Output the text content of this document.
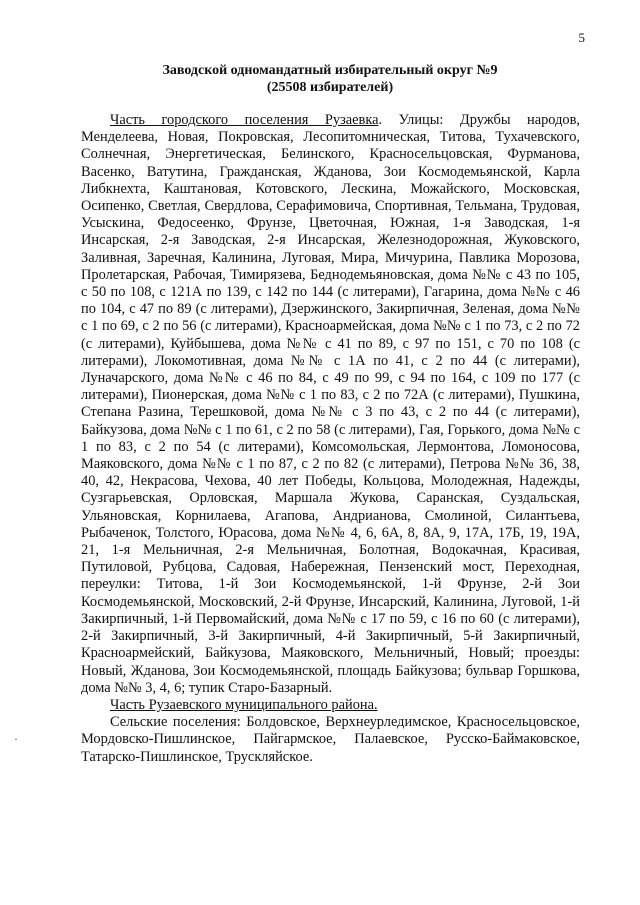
5
Заводской одномандатный избирательный округ №9
(25508 избирателей)

Часть городского поселения Рузаевка. Улицы: Дружбы народов, Менделеева, Новая, Покровская, Лесопитомническая, Титова, Тухачевского, Солнечная, Энергетическая, Белинского, Красносельцовская, Фурманова, Васенко, Ватутина, Гражданская, Жданова, Зои Космодемьянской, Карла Либкнехта, Каштановая, Котовского, Лескина, Можайского, Московская, Осипенко, Светлая, Свердлова, Серафимовича, Спортивная, Тельмана, Трудовая, Усыскина, Федосеенко, Фрунзе, Цветочная, Южная, 1-я Заводская, 1-я Инсарская, 2-я Заводская, 2-я Инсарская, Железнодорожная, Жуковского, Заливная, Заречная, Калинина, Луговая, Мира, Мичурина, Павлика Морозова, Пролетарская, Рабочая, Тимирязева, Беднодемьяновская, дома №№ с 43 по 105, с 50 по 108, с 121А по 139, с 142 по 144 (с литерами), Гагарина, дома №№ с 46 по 104, с 47 по 89 (с литерами), Дзержинского, Закирпичная, Зеленая, дома №№ с 1 по 69, с 2 по 56 (с литерами), Красноармейская, дома №№ с 1 по 73, с 2 по 72 (с литерами), Куйбышева, дома №№ с 41 по 89, с 97 по 151, с 70 по 108 (с литерами), Локомотивная, дома №№ с 1А по 41, с 2 по 44 (с литерами), Луначарского, дома №№ с 46 по 84, с 49 по 99, с 94 по 164, с 109 по 177 (с литерами), Пионерская, дома №№ с 1 по 83, с 2 по 72А (с литерами), Пушкина, Степана Разина, Терешковой, дома №№ с 3 по 43, с 2 по 44 (с литерами), Байкузова, дома №№ с 1 по 61, с 2 по 58 (с литерами), Гая, Горького, дома №№ с 1 по 83, с 2 по 54 (с литерами), Комсомольская, Лермонтова, Ломоносова, Маяковского, дома №№ с 1 по 87, с 2 по 82 (с литерами), Петрова №№ 36, 38, 40, 42, Некрасова, Чехова, 40 лет Победы, Кольцова, Молодежная, Надежды, Сузгарьевская, Орловская, Маршала Жукова, Саранская, Суздальская, Ульяновская, Корнилаева, Агапова, Андрианова, Смолиной, Силантьева, Рыбаченок, Толстого, Юрасова, дома №№ 4, 6, 6А, 8, 8А, 9, 17А, 17Б, 19, 19А, 21, 1-я Мельничная, 2-я Мельничная, Болотная, Водокачная, Красивая, Путиловой, Рубцова, Садовая, Набережная, Пензенский мост, Переходная, переулки: Титова, 1-й Зои Космодемьянской, 1-й Фрунзе, 2-й Зои Космодемьянской, Московский, 2-й Фрунзе, Инсарский, Калинина, Луговой, 1-й Закирпичный, 1-й Первомайский, дома №№ с 17 по 59, с 16 по 60 (с литерами), 2-й Закирпичный, 3-й Закирпичный, 4-й Закирпичный, 5-й Закирпичный, Красноармейский, Байкузова, Маяковского, Мельничный, Новый; проезды: Новый, Жданова, Зои Космодемьянской, площадь Байкузова; бульвар Горшкова, дома №№ 3, 4, 6; тупик Старо-Базарный.

Часть Рузаевского муниципального района.

Сельские поселения: Болдовское, Верхнеурледимское, Красносельцовское, Мордовско-Пишлинское, Пайгармское, Палаевское, Русско-Баймаковское, Татарско-Пишлинское, Трускляйское.

·
